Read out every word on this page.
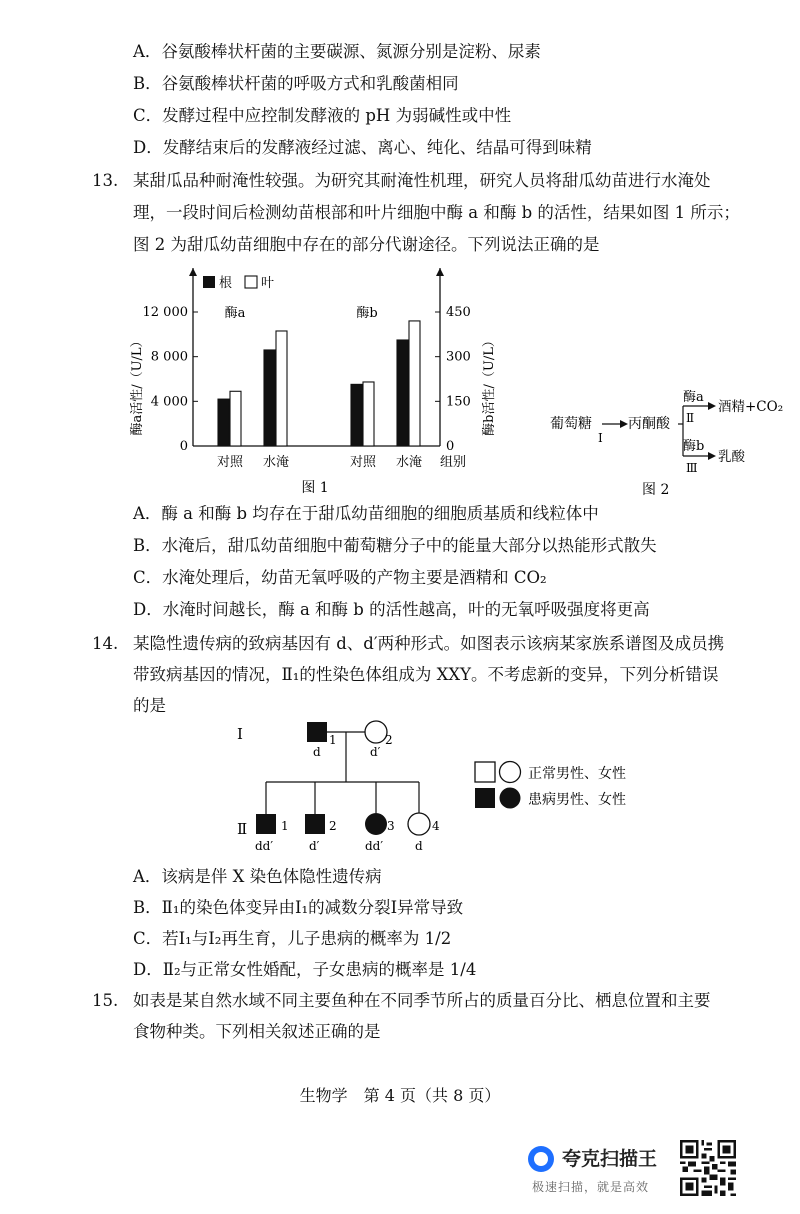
A．谷氨酸棒状杆菌的主要碳源、氮源分别是淀粉、尿素
B．谷氨酸棒状杆菌的呼吸方式和乳酸菌相同
C．发酵过程中应控制发酵液的 pH 为弱碱性或中性
D．发酵结束后的发酵液经过滤、离心、纯化、结晶可得到味精
13. 某甜瓜品种耐淹性较强。为研究其耐淹性机理，研究人员将甜瓜幼苗进行水淹处
理，一段时间后检测幼苗根部和叶片细胞中酶 a 和酶 b 的活性，结果如图 1 所示；
图 2 为甜瓜幼苗细胞中存在的部分代谢途径。下列说法正确的是
0
4 000
8 000
12 000
0
150
300
450
酶a活性/（U/L）	酶b活性/（U/L）
根 叶
酶a
对照 水淹
酶b
对照 水淹 组别
图 1
葡萄糖
Ⅰ
丙酮酸
酶a
Ⅱ
酶b
Ⅲ
酒精+CO₂
乳酸
图 2
A．酶 a 和酶 b 均存在于甜瓜幼苗细胞的细胞质基质和线粒体中
B．水淹后，甜瓜幼苗细胞中葡萄糖分子中的能量大部分以热能形式散失
C．水淹处理后，幼苗无氧呼吸的产物主要是酒精和 CO₂
D．水淹时间越长，酶 a 和酶 b 的活性越高，叶的无氧呼吸强度将更高
14. 某隐性遗传病的致病基因有 d、d′两种形式。如图表示该病某家族系谱图及成员携
带致病基因的情况，Ⅱ₁的性染色体组成为 XXY。不考虑新的变异，下列分析错误
的是
Ⅰ
Ⅱ
1
d
2
d′
1
dd′
2
d′
3
dd′
4
d
正常男性、女性
患病男性、女性
A．该病是伴 X 染色体隐性遗传病
B．Ⅱ₁的染色体变异由Ⅰ₁的减数分裂Ⅰ异常导致
C．若Ⅰ₁与Ⅰ₂再生育，儿子患病的概率为 1/2
D．Ⅱ₂与正常女性婚配，子女患病的概率是 1/4
15. 如表是某自然水域不同主要鱼种在不同季节所占的质量百分比、栖息位置和主要
食物种类。下列相关叙述正确的是
生物学　第 4 页（共 8 页）
夸克扫描王
极速扫描，就是高效
